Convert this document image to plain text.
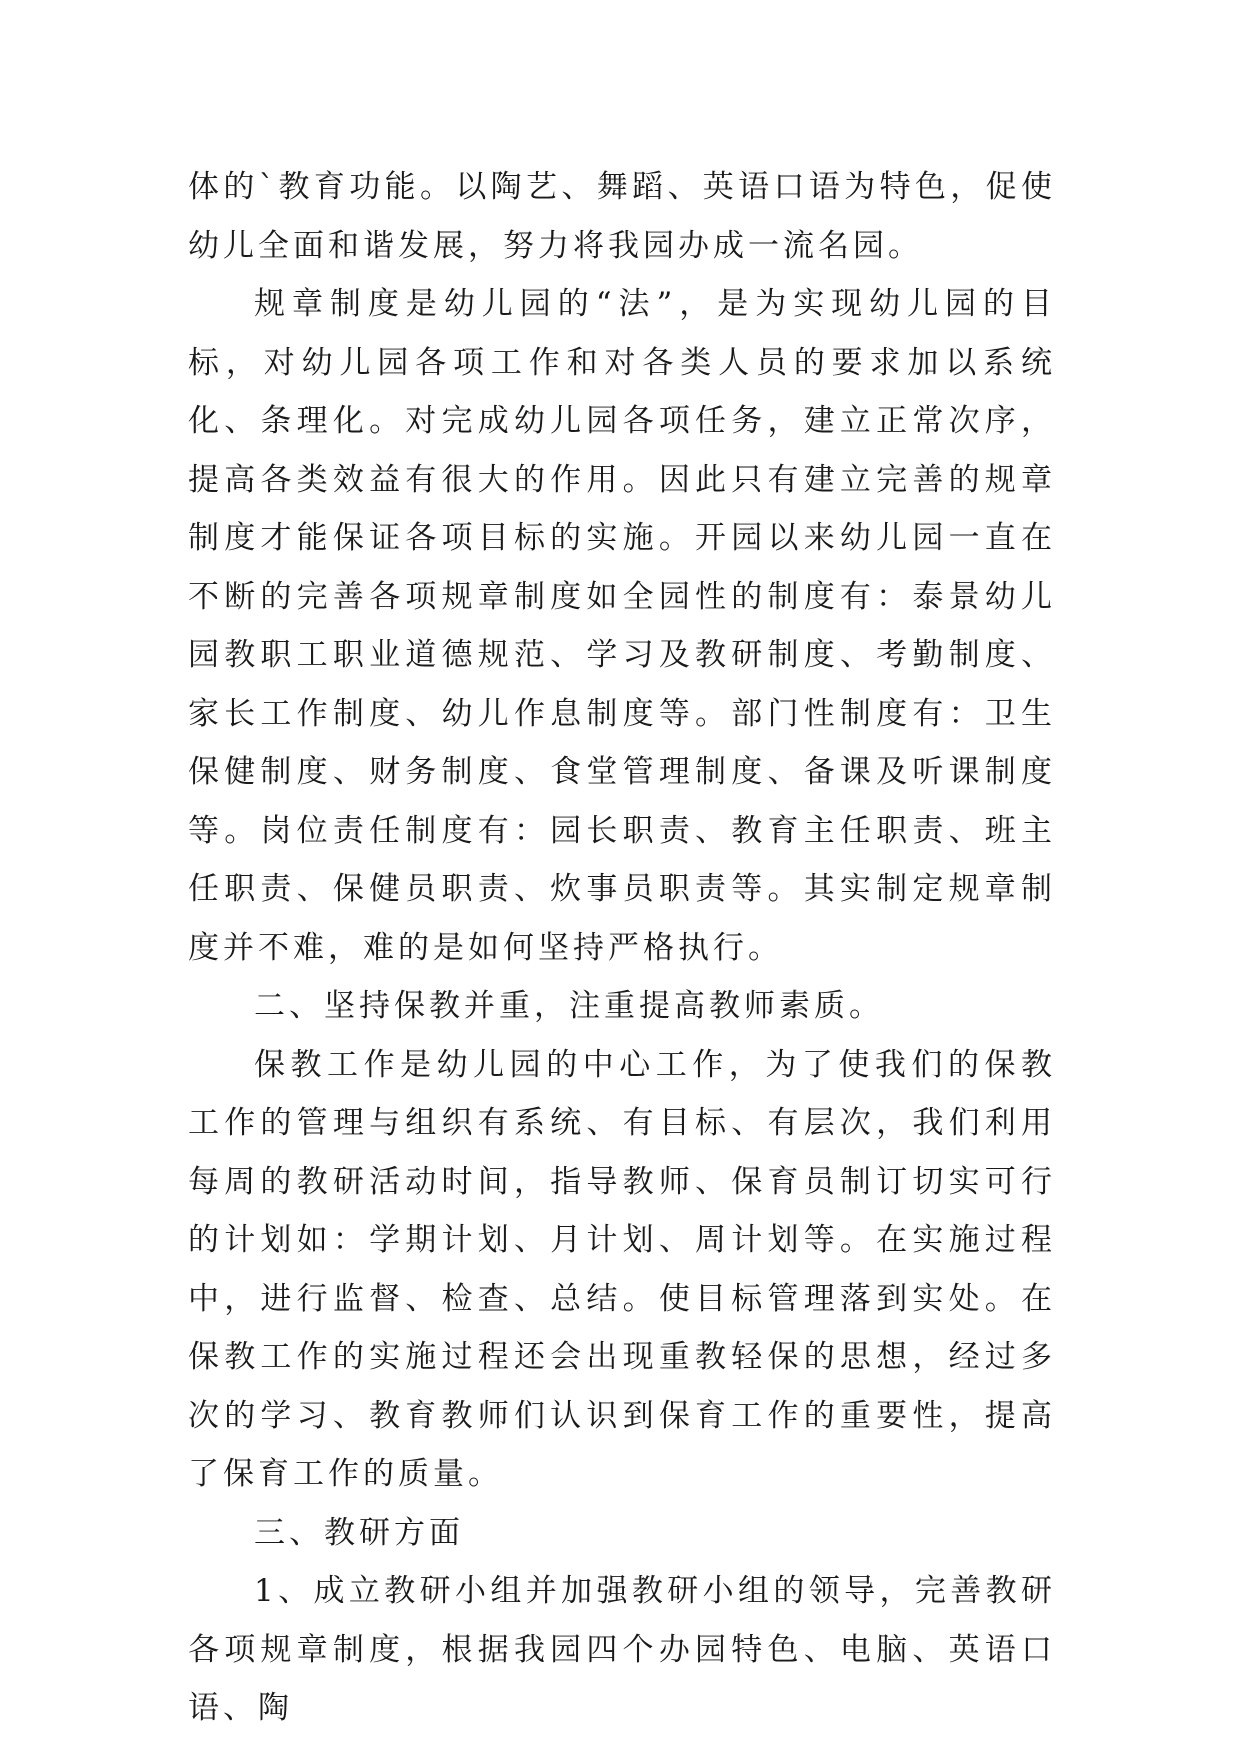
体的`教育功能。以陶艺、舞蹈、英语口语为特色，促使幼儿全面和谐发展，努力将我园办成一流名园。

规章制度是幼儿园的“法”，是为实现幼儿园的目标，对幼儿园各项工作和对各类人员的要求加以系统化、条理化。对完成幼儿园各项任务，建立正常次序，提高各类效益有很大的作用。因此只有建立完善的规章制度才能保证各项目标的实施。开园以来幼儿园一直在不断的完善各项规章制度如全园性的制度有：泰景幼儿园教职工职业道德规范、学习及教研制度、考勤制度、家长工作制度、幼儿作息制度等。部门性制度有：卫生保健制度、财务制度、食堂管理制度、备课及听课制度等。岗位责任制度有：园长职责、教育主任职责、班主任职责、保健员职责、炊事员职责等。其实制定规章制度并不难，难的是如何坚持严格执行。

二、坚持保教并重，注重提高教师素质。

保教工作是幼儿园的中心工作，为了使我们的保教工作的管理与组织有系统、有目标、有层次，我们利用每周的教研活动时间，指导教师、保育员制订切实可行的计划如：学期计划、月计划、周计划等。在实施过程中，进行监督、检查、总结。使目标管理落到实处。在保教工作的实施过程还会出现重教轻保的思想，经过多次的学习、教育教师们认识到保育工作的重要性，提高了保育工作的质量。

三、教研方面

1、成立教研小组并加强教研小组的领导，完善教研各项规章制度，根据我园四个办园特色、电脑、英语口语、陶
